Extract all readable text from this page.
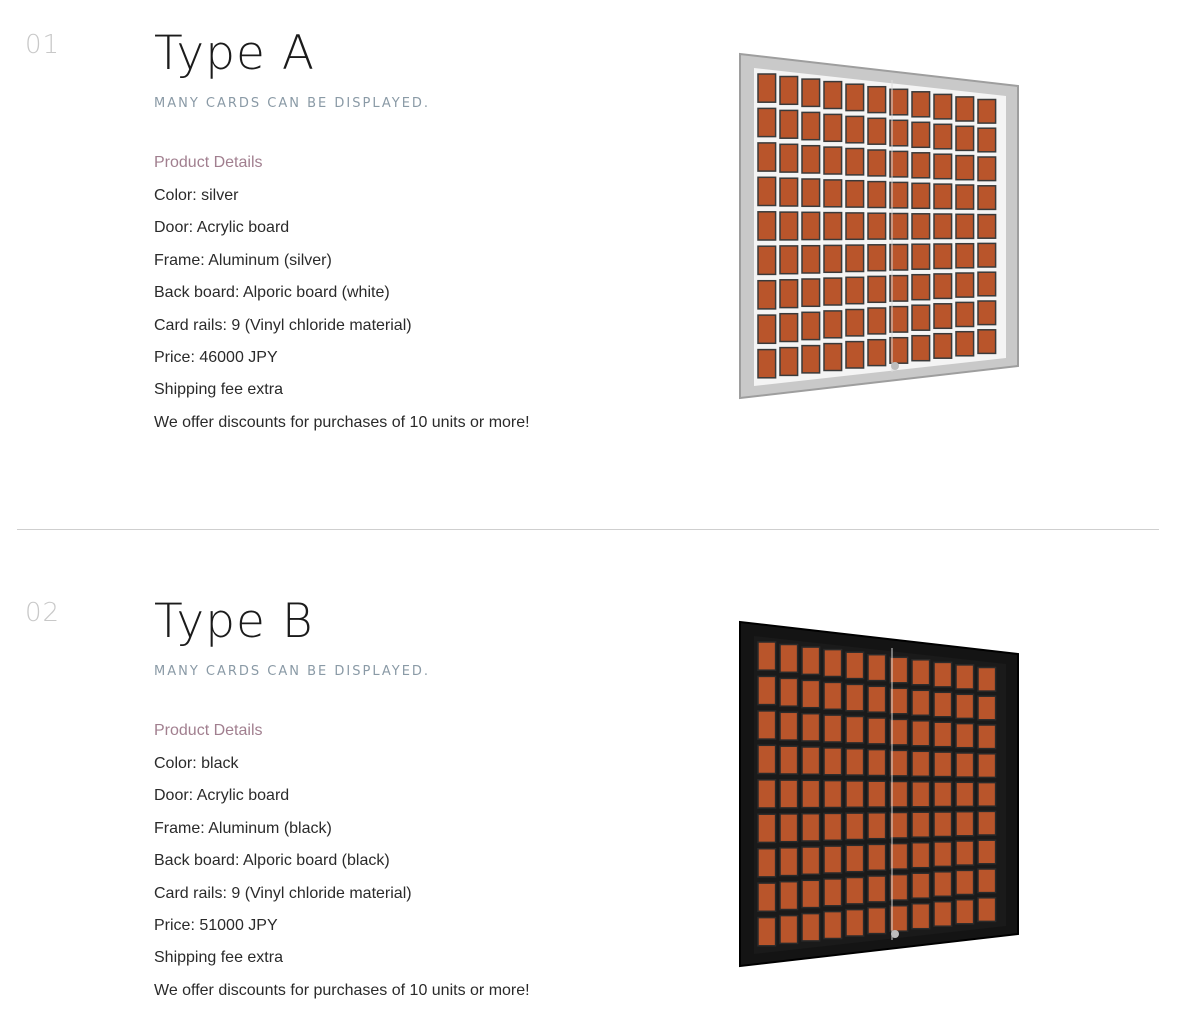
01 Type A
MANY CARDS CAN BE DISPLAYED.
Product Details
Color: silver
Door: Acrylic board
Frame: Aluminum (silver)
Back board: Alporic board (white)
Card rails: 9 (Vinyl chloride material)
Price: 46000 JPY
Shipping fee extra
We offer discounts for purchases of 10 units or more!
02 Type B
MANY CARDS CAN BE DISPLAYED.
Product Details
Color: black
Door: Acrylic board
Frame: Aluminum (black)
Back board: Alporic board (black)
Card rails: 9 (Vinyl chloride material)
Price: 51000 JPY
Shipping fee extra
We offer discounts for purchases of 10 units or more!
